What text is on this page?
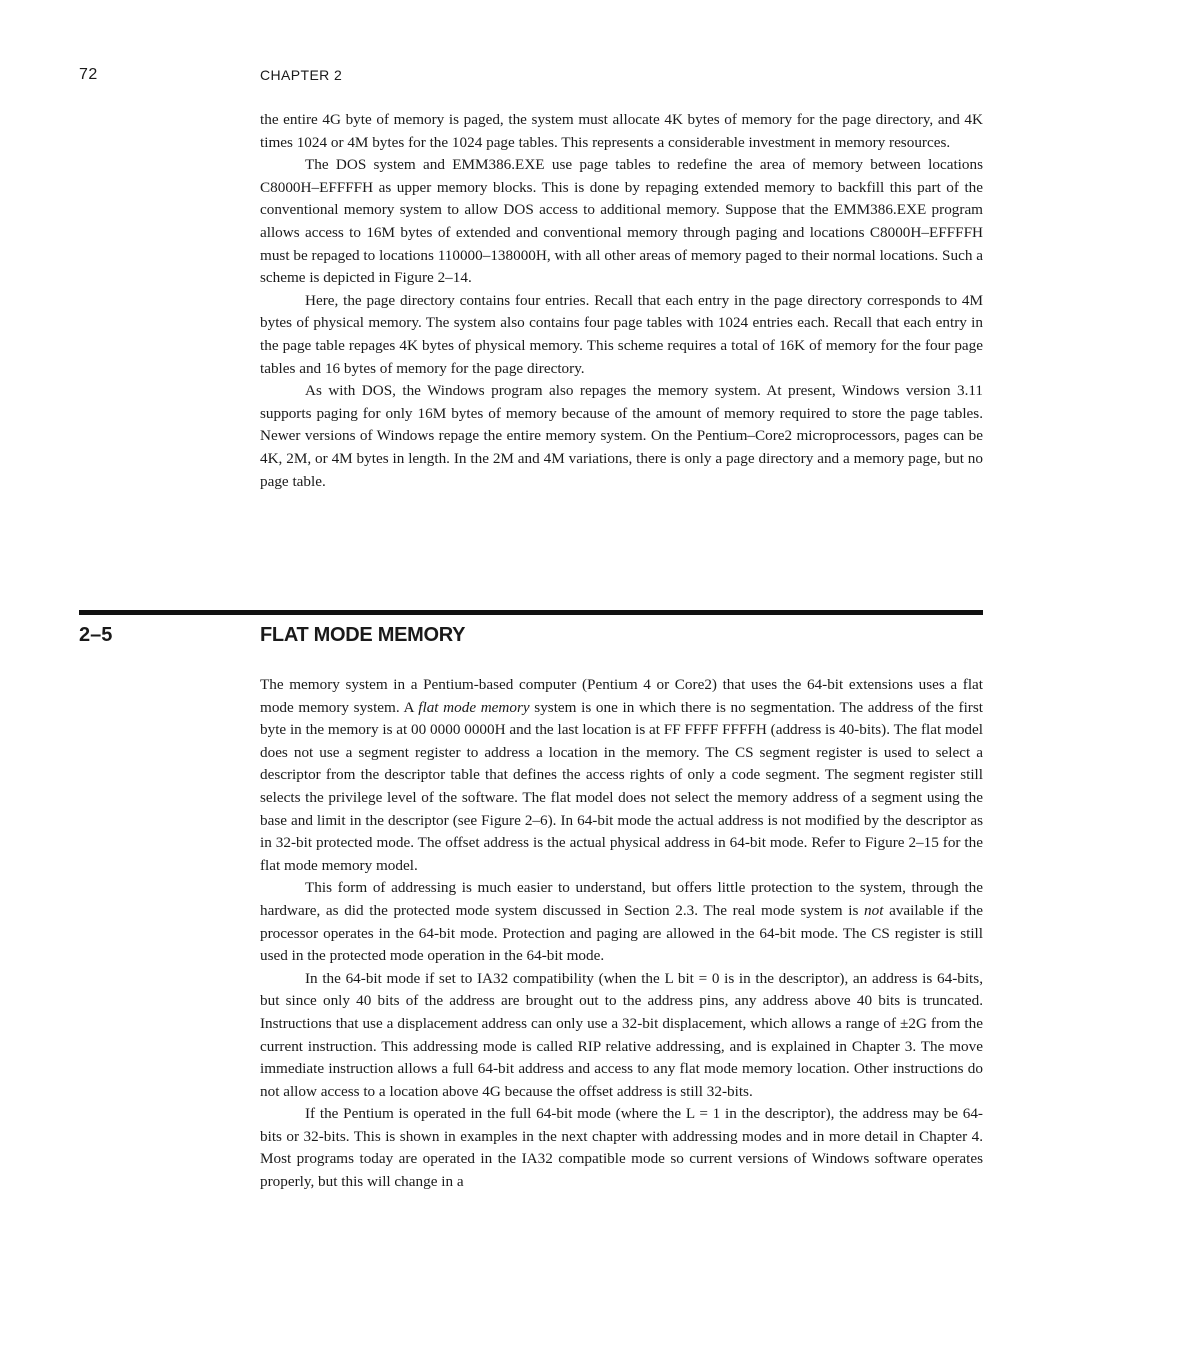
72	CHAPTER 2

the entire 4G byte of memory is paged, the system must allocate 4K bytes of memory for the page directory, and 4K times 1024 or 4M bytes for the 1024 page tables. This represents a considerable investment in memory resources.

The DOS system and EMM386.EXE use page tables to redefine the area of memory between locations C8000H–EFFFFH as upper memory blocks. This is done by repaging extended memory to backfill this part of the conventional memory system to allow DOS access to additional memory. Suppose that the EMM386.EXE program allows access to 16M bytes of extended and conventional memory through paging and locations C8000H–EFFFFH must be repaged to locations 110000–138000H, with all other areas of memory paged to their normal locations. Such a scheme is depicted in Figure 2–14.

Here, the page directory contains four entries. Recall that each entry in the page directory corresponds to 4M bytes of physical memory. The system also contains four page tables with 1024 entries each. Recall that each entry in the page table repages 4K bytes of physical memory. This scheme requires a total of 16K of memory for the four page tables and 16 bytes of memory for the page directory.

As with DOS, the Windows program also repages the memory system. At present, Windows version 3.11 supports paging for only 16M bytes of memory because of the amount of memory required to store the page tables. Newer versions of Windows repage the entire memory system. On the Pentium–Core2 microprocessors, pages can be 4K, 2M, or 4M bytes in length. In the 2M and 4M variations, there is only a page directory and a memory page, but no page table.

2–5	FLAT MODE MEMORY

The memory system in a Pentium-based computer (Pentium 4 or Core2) that uses the 64-bit extensions uses a flat mode memory system. A flat mode memory system is one in which there is no segmentation. The address of the first byte in the memory is at 00 0000 0000H and the last location is at FF FFFF FFFFH (address is 40-bits). The flat model does not use a segment register to address a location in the memory. The CS segment register is used to select a descriptor from the descriptor table that defines the access rights of only a code segment. The segment register still selects the privilege level of the software. The flat model does not select the memory address of a segment using the base and limit in the descriptor (see Figure 2–6). In 64-bit mode the actual address is not modified by the descriptor as in 32-bit protected mode. The offset address is the actual physical address in 64-bit mode. Refer to Figure 2–15 for the flat mode memory model.

This form of addressing is much easier to understand, but offers little protection to the system, through the hardware, as did the protected mode system discussed in Section 2.3. The real mode system is not available if the processor operates in the 64-bit mode. Protection and paging are allowed in the 64-bit mode. The CS register is still used in the protected mode operation in the 64-bit mode.

In the 64-bit mode if set to IA32 compatibility (when the L bit = 0 is in the descriptor), an address is 64-bits, but since only 40 bits of the address are brought out to the address pins, any address above 40 bits is truncated. Instructions that use a displacement address can only use a 32-bit displacement, which allows a range of ±2G from the current instruction. This addressing mode is called RIP relative addressing, and is explained in Chapter 3. The move immediate instruction allows a full 64-bit address and access to any flat mode memory location. Other instructions do not allow access to a location above 4G because the offset address is still 32-bits.

If the Pentium is operated in the full 64-bit mode (where the L = 1 in the descriptor), the address may be 64-bits or 32-bits. This is shown in examples in the next chapter with addressing modes and in more detail in Chapter 4. Most programs today are operated in the IA32 compatible mode so current versions of Windows software operates properly, but this will change in a
